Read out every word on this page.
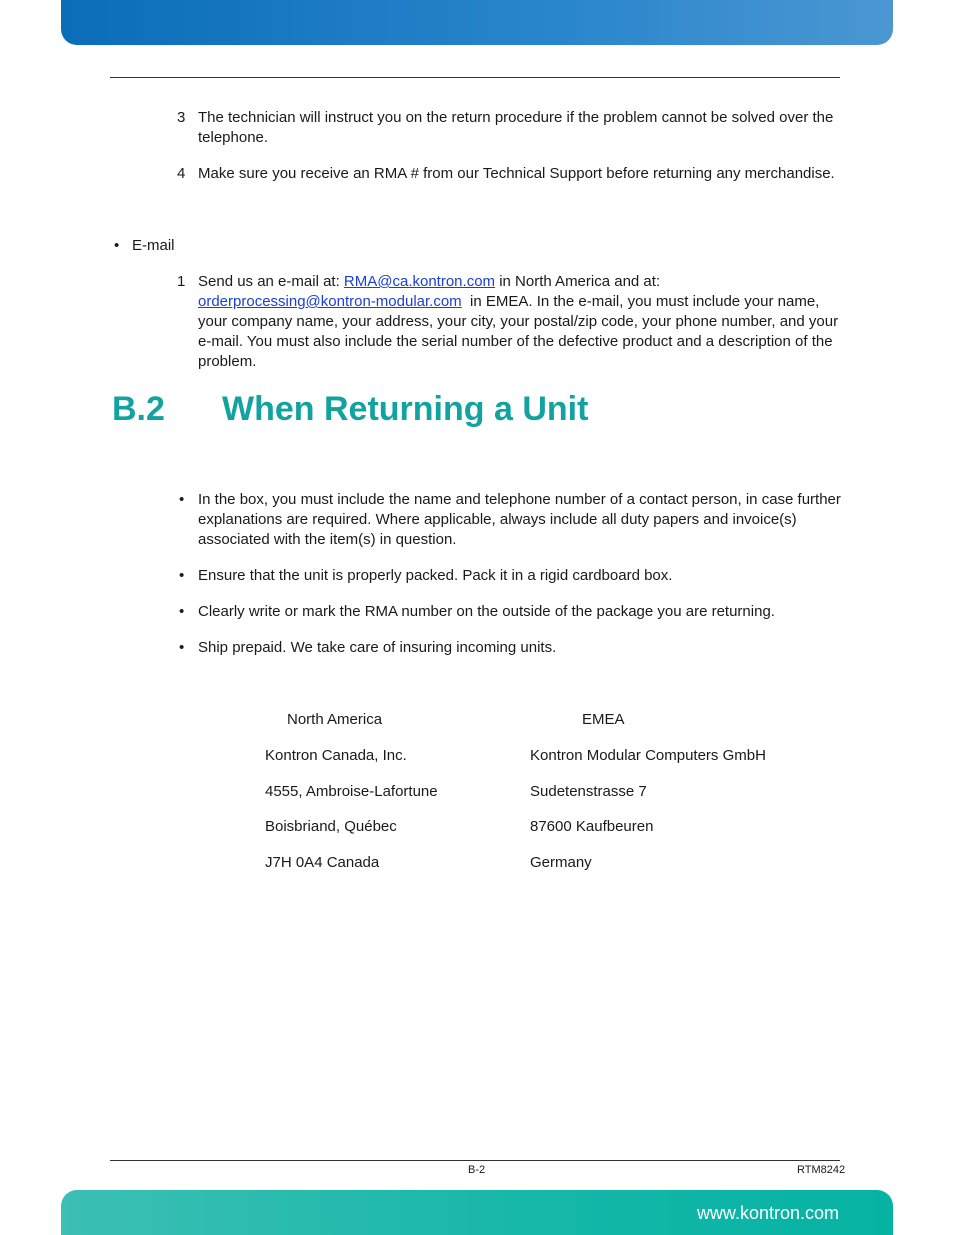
3 The technician will instruct you on the return procedure if the problem cannot be solved over the telephone.
4 Make sure you receive an RMA # from our Technical Support before returning any merchandise.
• E-mail
1 Send us an e-mail at: RMA@ca.kontron.com in North America and at:
orderprocessing@kontron-modular.com  in EMEA. In the e-mail, you must include your name, your company name, your address, your city, your postal/zip code, your phone number, and your e-mail. You must also include the serial number of the defective product and a description of the problem.
B.2 When Returning a Unit
• In the box, you must include the name and telephone number of a contact person, in case further explanations are required. Where applicable, always include all duty papers and invoice(s) associated with the item(s) in question.
• Ensure that the unit is properly packed. Pack it in a rigid cardboard box.
• Clearly write or mark the RMA number on the outside of the package you are returning.
• Ship prepaid. We take care of insuring incoming units.
North America	EMEA
Kontron Canada, Inc.
4555, Ambroise-Lafortune
Boisbriand, Québec
J7H 0A4 Canada
Kontron Modular Computers GmbH
Sudetenstrasse 7
87600 Kaufbeuren
Germany
B-2	RTM8242
www.kontron.com
